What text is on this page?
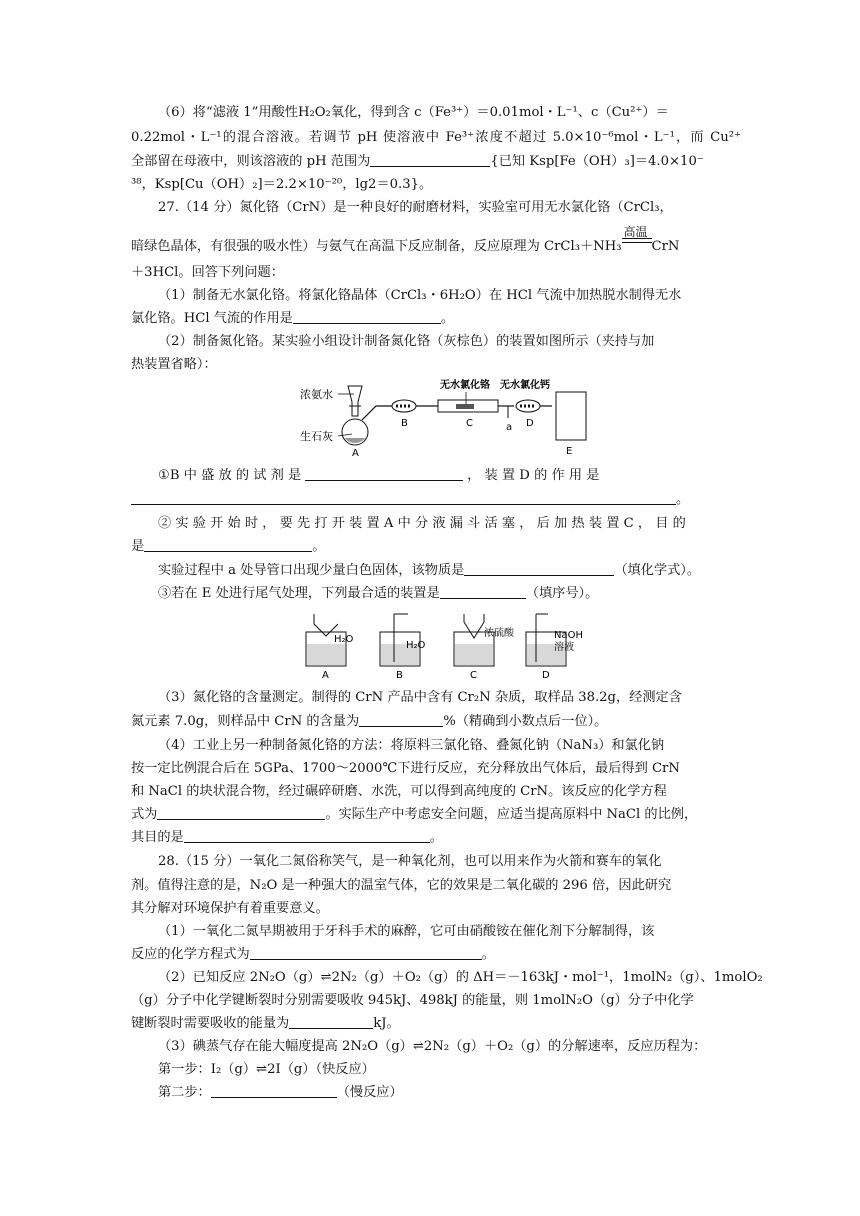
（6）将“滤液 1”用酸性H₂O₂氧化，得到含 c（Fe³⁺）＝0.01mol・L⁻¹、c（Cu²⁺）＝
0.22mol・L⁻¹的混合溶液。若调节 pH 使溶液中 Fe³⁺浓度不超过 5.0×10⁻⁶mol・L⁻¹，而 Cu²⁺
全部留在母液中，则该溶液的 pH 范围为	{已知 Ksp[Fe（OH）₃]＝4.0×10⁻
³⁸，Ksp[Cu（OH）₂]＝2.2×10⁻²⁰，lg2＝0.3}。
27.（14 分）氮化铬（CrN）是一种良好的耐磨材料，实验室可用无水氯化铬（CrCl₃，
暗绿色晶体，有很强的吸水性）与氨气在高温下反应制备，反应原理为 CrCl₃＋NH₃
高温
CrN
＋3HCl。回答下列问题：
（1）制备无水氯化铬。将氯化铬晶体（CrCl₃・6H₂O）在 HCl 气流中加热脱水制得无水
氯化铬。HCl 气流的作用是	。
（2）制备氮化铬。某实验小组设计制备氮化铬（灰棕色）的装置如图所示（夹持与加
热装置省略）：
浓氨水
生石灰
A
B
无水氯化铬
C	a
无水氯化钙
D
E
①B 中 盛 放 的 试 剂 是	， 装 置 D 的 作 用 是
。
② 实 验 开 始 时 ， 要 先 打 开 装 置 A 中 分 液 漏 斗 活 塞 ， 后 加 热 装 置 C ， 目 的
是	。
实验过程中 a 处导管口出现少量白色固体，该物质是	（填化学式）。
③若在 E 处进行尾气处理，下列最合适的装置是	（填序号）。
H₂O
A
H₂O
B
浓硫酸
C
NaOH
溶液
D
（3）氮化铬的含量测定。制得的 CrN 产品中含有 Cr₂N 杂质，取样品 38.2g，经测定含
氮元素 7.0g，则样品中 CrN 的含量为	%（精确到小数点后一位）。
（4）工业上另一种制备氮化铬的方法：将原料三氯化铬、叠氮化钠（NaN₃）和氯化钠
按一定比例混合后在 5GPa、1700～2000℃下进行反应，充分释放出气体后，最后得到 CrN
和 NaCl 的块状混合物，经过碾碎研磨、水洗，可以得到高纯度的 CrN。该反应的化学方程
式为	。实际生产中考虑安全问题，应适当提高原料中 NaCl 的比例，
其目的是	。
28.（15 分）一氧化二氮俗称笑气，是一种氧化剂，也可以用来作为火箭和赛车的氧化
剂。值得注意的是，N₂O 是一种强大的温室气体，它的效果是二氧化碳的 296 倍，因此研究
其分解对环境保护有着重要意义。
（1）一氧化二氮早期被用于牙科手术的麻醉，它可由硝酸铵在催化剂下分解制得，该
反应的化学方程式为	。
（2）已知反应 2N₂O（g）⇌2N₂（g）＋O₂（g）的 ΔH＝－163kJ・mol⁻¹，1molN₂（g）、1molO₂
（g）分子中化学键断裂时分别需要吸收 945kJ、498kJ 的能量，则 1molN₂O（g）分子中化学
键断裂时需要吸收的能量为	kJ。
（3）碘蒸气存在能大幅度提高 2N₂O（g）⇌2N₂（g）＋O₂（g）的分解速率，反应历程为：
第一步：I₂（g）⇌2I（g）（快反应）
第二步：	（慢反应）
